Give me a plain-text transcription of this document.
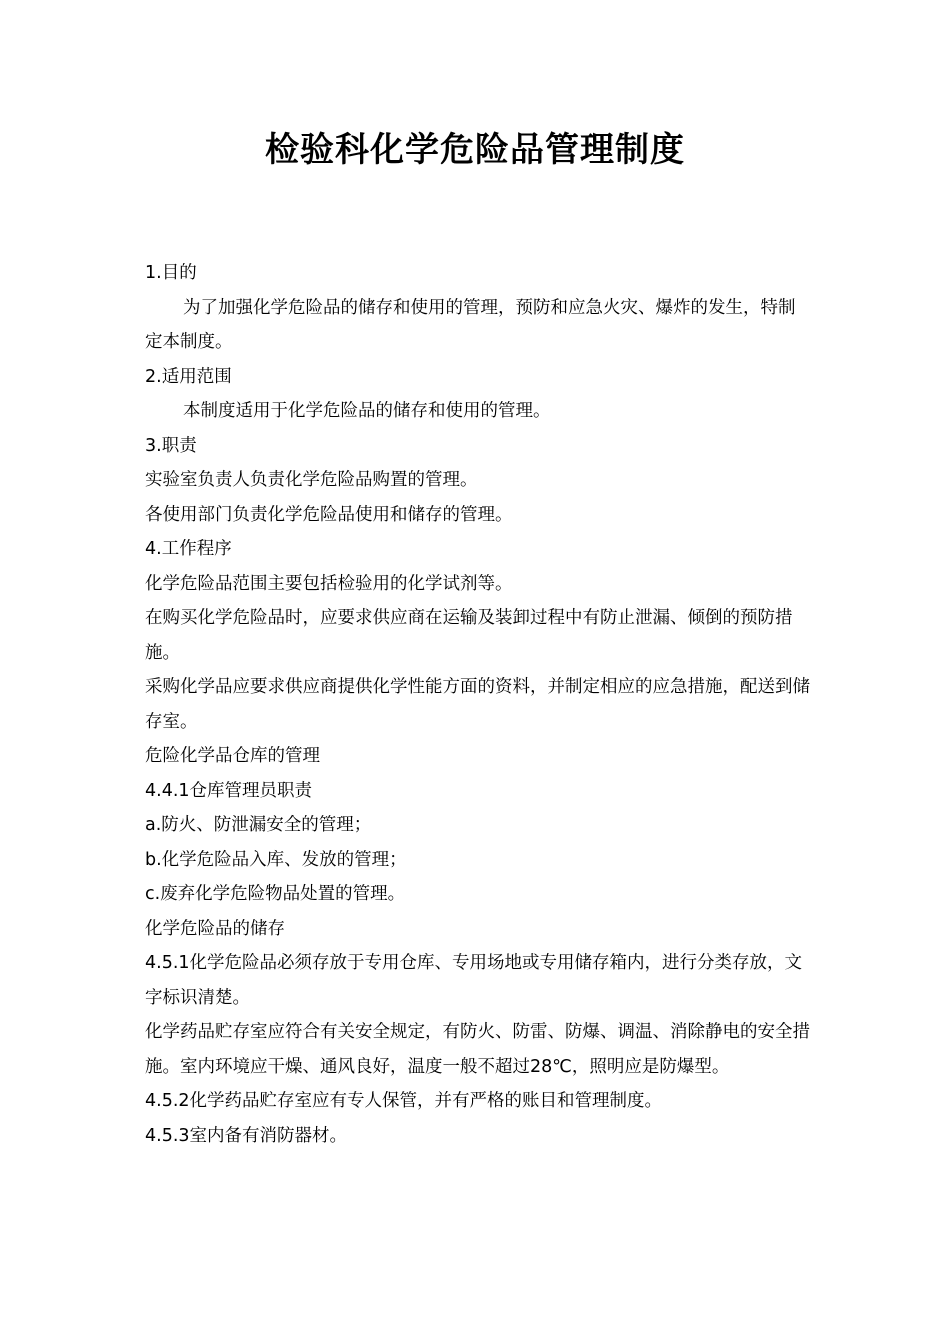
检验科化学危险品管理制度

1.目的

为了加强化学危险品的储存和使用的管理，预防和应急火灾、爆炸的发生，特制定本制度。

2.适用范围

本制度适用于化学危险品的储存和使用的管理。

3.职责

实验室负责人负责化学危险品购置的管理。

各使用部门负责化学危险品使用和储存的管理。

4.工作程序

化学危险品范围主要包括检验用的化学试剂等。

在购买化学危险品时，应要求供应商在运输及装卸过程中有防止泄漏、倾倒的预防措施。

采购化学品应要求供应商提供化学性能方面的资料，并制定相应的应急措施，配送到储存室。

危险化学品仓库的管理

4.4.1仓库管理员职责

a.防火、防泄漏安全的管理；

b.化学危险品入库、发放的管理；

c.废弃化学危险物品处置的管理。

化学危险品的储存

4.5.1化学危险品必须存放于专用仓库、专用场地或专用储存箱内，进行分类存放，文字标识清楚。

化学药品贮存室应符合有关安全规定，有防火、防雷、防爆、调温、消除静电的安全措施。室内环境应干燥、通风良好，温度一般不超过28℃，照明应是防爆型。

4.5.2化学药品贮存室应有专人保管，并有严格的账目和管理制度。

4.5.3室内备有消防器材。
